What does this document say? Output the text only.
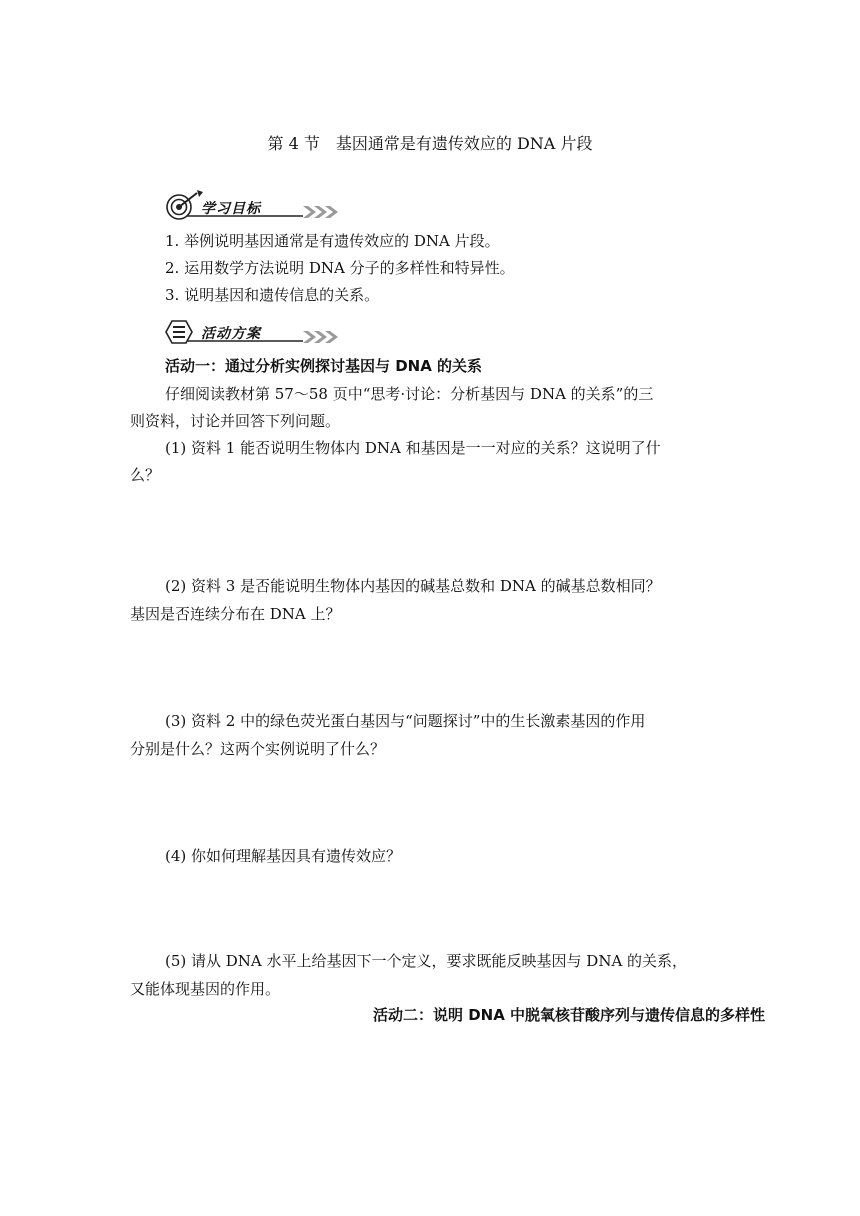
第 4 节　基因通常是有遗传效应的 DNA 片段
学习目标
1. 举例说明基因通常是有遗传效应的 DNA 片段。
2. 运用数学方法说明 DNA 分子的多样性和特异性。
3. 说明基因和遗传信息的关系。
活动方案
活动一：通过分析实例探讨基因与 DNA 的关系
仔细阅读教材第 57～58 页中“思考·讨论：分析基因与 DNA 的关系”的三
则资料，讨论并回答下列问题。
(1) 资料 1 能否说明生物体内 DNA 和基因是一一对应的关系？这说明了什
么？
(2) 资料 3 是否能说明生物体内基因的碱基总数和 DNA 的碱基总数相同？
基因是否连续分布在 DNA 上？
(3) 资料 2 中的绿色荧光蛋白基因与“问题探讨”中的生长激素基因的作用
分别是什么？这两个实例说明了什么？
(4) 你如何理解基因具有遗传效应？
(5) 请从 DNA 水平上给基因下一个定义，要求既能反映基因与 DNA 的关系，
又能体现基因的作用。
活动二：说明 DNA 中脱氧核苷酸序列与遗传信息的多样性
